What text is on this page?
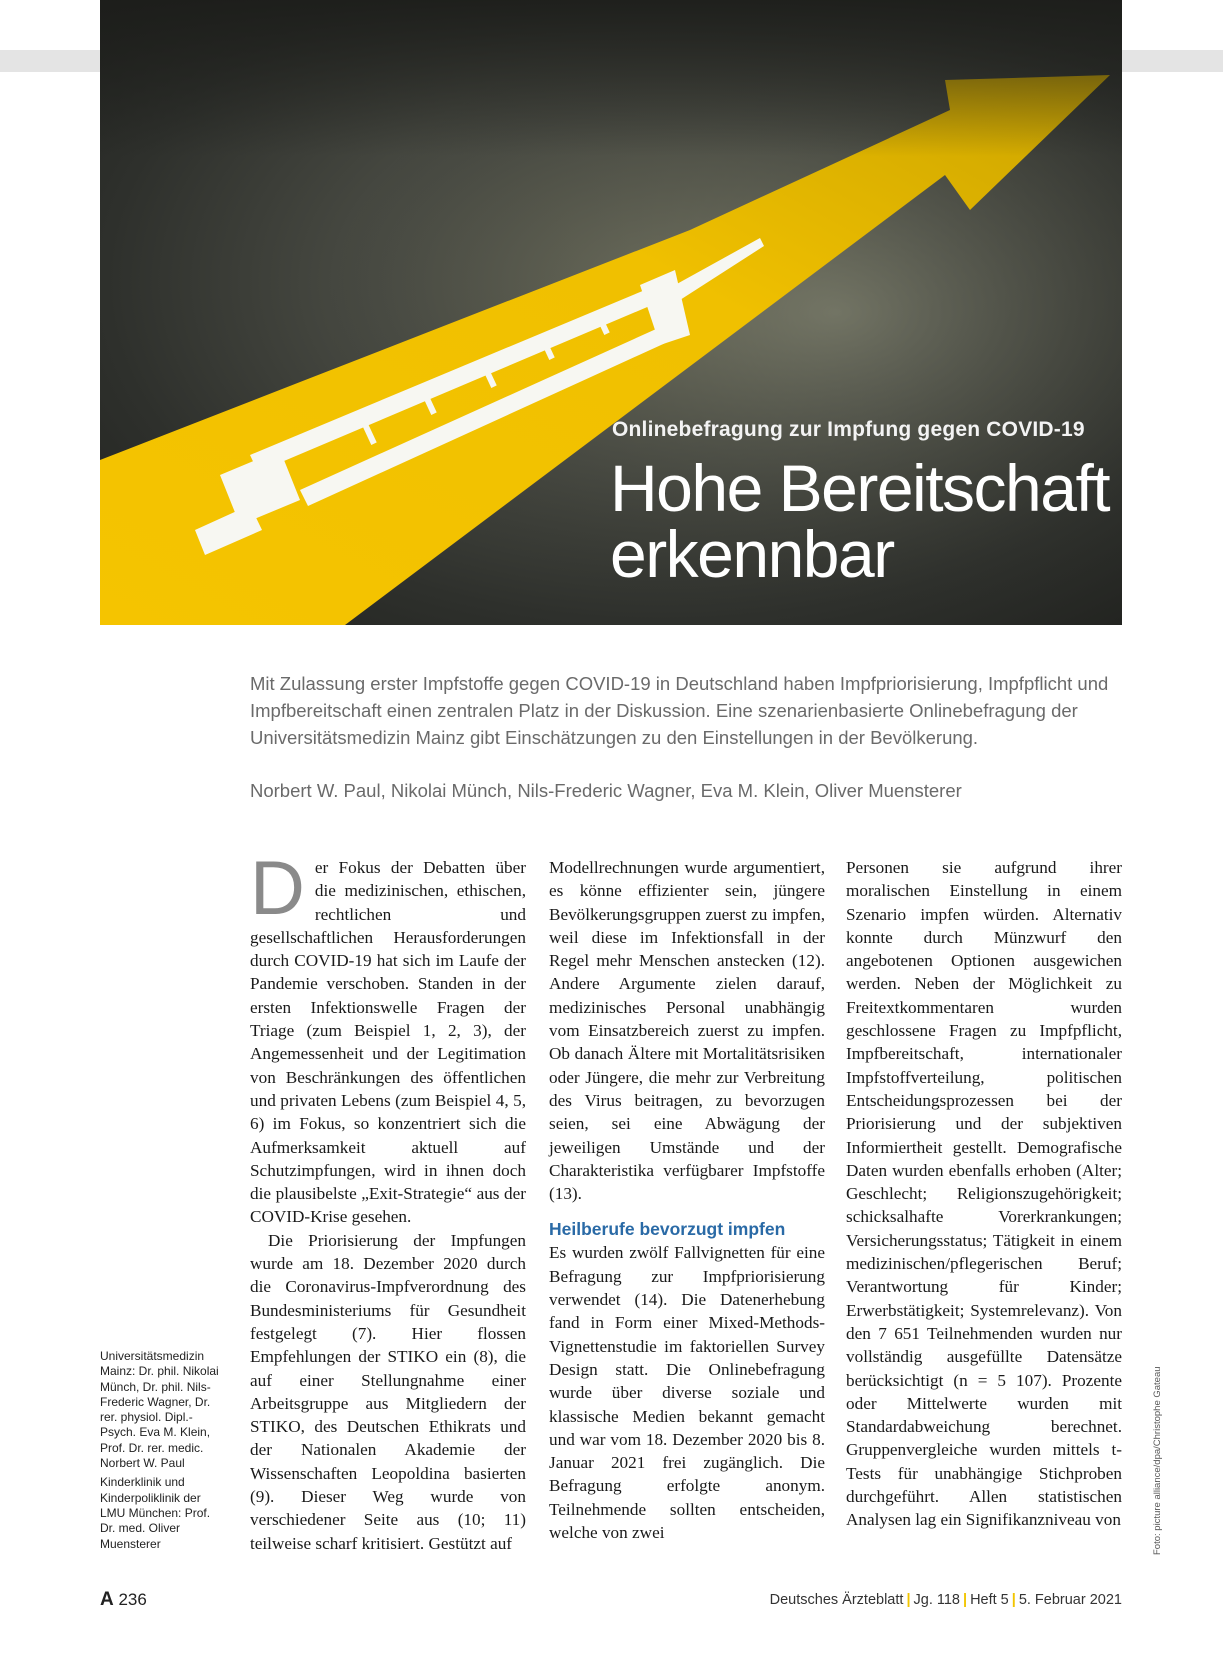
Onlinebefragung zur Impfung gegen COVID-19
Hohe Bereitschaft
erkennbar
Mit Zulassung erster Impfstoffe gegen COVID-19 in Deutschland haben Impfpriorisierung, Impfpflicht und Impfbereitschaft einen zentralen Platz in der Diskussion. Eine szenarienbasierte Onlinebefragung der Universitätsmedizin Mainz gibt Einschätzungen zu den Einstellungen in der Bevölkerung.
Norbert W. Paul, Nikolai Münch, Nils-Frederic Wagner, Eva M. Klein, Oliver Muensterer

Der Fokus der Debatten über die medizinischen, ethischen, rechtlichen und gesellschaftlichen Herausforderungen durch COVID-19 hat sich im Laufe der Pandemie verschoben. Standen in der ersten Infektionswelle Fragen der Triage (zum Beispiel 1, 2, 3), der Angemessenheit und der Legitimation von Beschränkungen des öffentlichen und privaten Lebens (zum Beispiel 4, 5, 6) im Fokus, so konzentriert sich die Aufmerksamkeit aktuell auf Schutzimpfungen, wird in ihnen doch die plausibelste „Exit-Strategie“ aus der COVID-Krise gesehen.

Die Priorisierung der Impfungen wurde am 18. Dezember 2020 durch die Coronavirus-Impfverordnung des Bundesministeriums für Gesundheit festgelegt (7). Hier flossen Empfehlungen der STIKO ein (8), die auf einer Stellungnahme einer Arbeitsgruppe aus Mitgliedern der STIKO, des Deutschen Ethikrats und der Nationalen Akademie der Wissenschaften Leopoldina basierten (9). Dieser Weg wurde von verschiedener Seite aus (10; 11) teilweise scharf kritisiert. Gestützt auf

Modellrechnungen wurde argumentiert, es könne effizienter sein, jüngere Bevölkerungsgruppen zuerst zu impfen, weil diese im Infektionsfall in der Regel mehr Menschen anstecken (12). Andere Argumente zielen darauf, medizinisches Personal unabhängig vom Einsatzbereich zuerst zu impfen. Ob danach Ältere mit Mortalitätsrisiken oder Jüngere, die mehr zur Verbreitung des Virus beitragen, zu bevorzugen seien, sei eine Abwägung der jeweiligen Umstände und der Charakteristika verfügbarer Impfstoffe (13).

Heilberufe bevorzugt impfen

Es wurden zwölf Fallvignetten für eine Befragung zur Impfpriorisierung verwendet (14). Die Datenerhebung fand in Form einer Mixed-Methods-Vignettenstudie im faktoriellen Survey Design statt. Die Onlinebefragung wurde über diverse soziale und klassische Medien bekannt gemacht und war vom 18. Dezember 2020 bis 8. Januar 2021 frei zugänglich. Die Befragung erfolgte anonym. Teilnehmende sollten entscheiden, welche von zwei

Personen sie aufgrund ihrer moralischen Einstellung in einem Szenario impfen würden. Alternativ konnte durch Münzwurf den angebotenen Optionen ausgewichen werden. Neben der Möglichkeit zu Freitextkommentaren wurden geschlossene Fragen zu Impfpflicht, Impfbereitschaft, internationaler Impfstoffverteilung, politischen Entscheidungsprozessen bei der Priorisierung und der subjektiven Informiertheit gestellt. Demografische Daten wurden ebenfalls erhoben (Alter; Geschlecht; Religionszugehörigkeit; schicksalhafte Vorerkrankungen; Versicherungsstatus; Tätigkeit in einem medizinischen/pflegerischen Beruf; Verantwortung für Kinder; Erwerbstätigkeit; Systemrelevanz). Von den 7 651 Teilnehmenden wurden nur vollständig ausgefüllte Datensätze berücksichtigt (n = 5 107). Prozente oder Mittelwerte wurden mit Standardabweichung berechnet. Gruppenvergleiche wurden mittels t-Tests für unabhängige Stichproben durchgeführt. Allen statistischen Analysen lag ein Signifikanzniveau von

Universitätsmedizin Mainz: Dr. phil. Nikolai Münch, Dr. phil. Nils-Frederic Wagner, Dr. rer. physiol. Dipl.-Psych. Eva M. Klein, Prof. Dr. rer. medic. Norbert W. Paul

Kinderklinik und Kinderpoliklinik der LMU München: Prof. Dr. med. Oliver Muensterer	Foto: picture alliance/dpa/Christophe Gateau
A 236	Deutsches Ärzteblatt | Jg. 118 | Heft 5 | 5. Februar 2021
